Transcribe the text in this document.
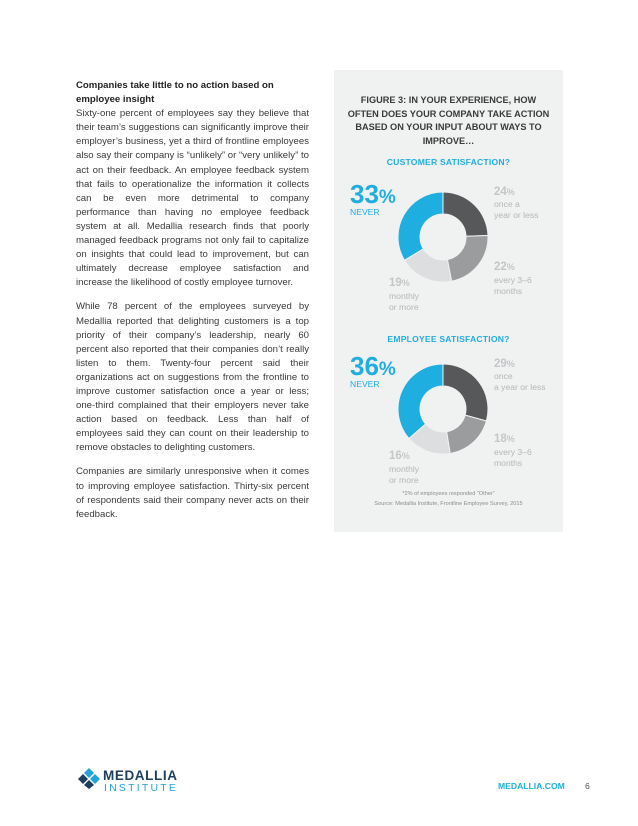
Companies take little to no action based on employee insight

Sixty-one percent of employees say they believe that their team’s suggestions can significantly improve their employer’s business, yet a third of frontline employees also say their company is “unlikely” or “very unlikely” to act on their feedback. An employee feedback system that fails to operationalize the information it collects can be even more detrimental to company performance than having no employee feedback system at all. Medallia research finds that poorly managed feedback programs not only fail to capitalize on insights that could lead to improvement, but can ultimately decrease employee satisfaction and increase the likelihood of costly employee turnover.

While 78 percent of the employees surveyed by Medallia reported that delighting customers is a top priority of their company’s leadership, nearly 60 percent also reported that their companies don’t really listen to them. Twenty-four percent said their organizations act on suggestions from the frontline to improve customer satisfaction once a year or less; one-third complained that their employers never take action based on feedback. Less than half of employees said they can count on their leadership to remove obstacles to delighting customers.

Companies are similarly unresponsive when it comes to improving employee satisfaction. Thirty-six percent of respondents said their company never acts on their feedback.

FIGURE 3: IN YOUR EXPERIENCE, HOW OFTEN DOES YOUR COMPANY TAKE ACTION BASED ON YOUR INPUT ABOUT WAYS TO IMPROVE…
CUSTOMER SATISFACTION?
33%
NEVER
24%
once a
year or less
22%
every 3–6
months
19%
monthly
or more
EMPLOYEE SATISFACTION?
36%
NEVER
29%
once
a year or less
18%
every 3–6
months
16%
monthly
or more
*2% of employees responded “Other”
Source: Medallia Institute, Frontline Employee Survey, 2015
MEDALLIA
INSTITUTE	MEDALLIA.COM 6
